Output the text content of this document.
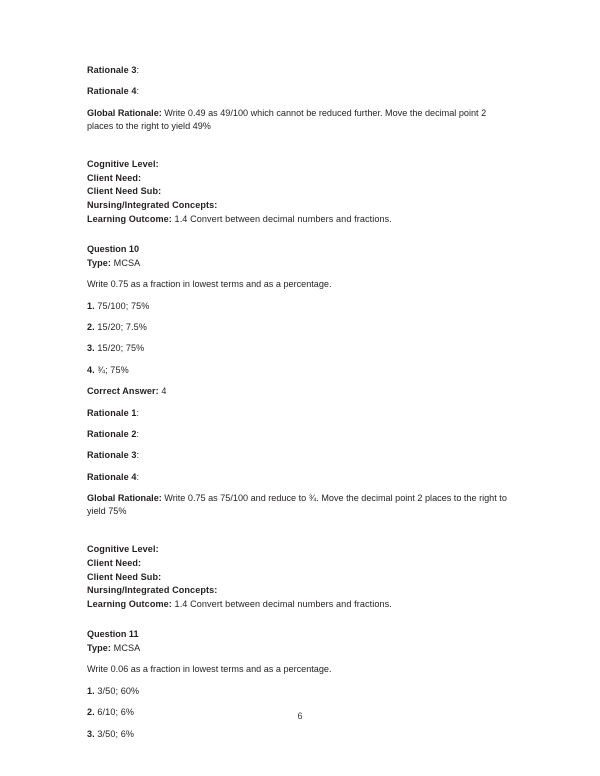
Rationale 3:

Rationale 4:

Global Rationale: Write 0.49 as 49/100 which cannot be reduced further. Move the decimal point 2 places to the right to yield 49%

Cognitive Level:

Client Need:

Client Need Sub:

Nursing/Integrated Concepts:

Learning Outcome: 1.4 Convert between decimal numbers and fractions.

Question 10

Type: MCSA

Write 0.75 as a fraction in lowest terms and as a percentage.

1. 75/100; 75%

2. 15/20; 7.5%

3. 15/20; 75%

4. ¾; 75%

Correct Answer: 4

Rationale 1:

Rationale 2:

Rationale 3:

Rationale 4:

Global Rationale: Write 0.75 as 75/100 and reduce to ¾. Move the decimal point 2 places to the right to yield 75%

Cognitive Level:

Client Need:

Client Need Sub:

Nursing/Integrated Concepts:

Learning Outcome: 1.4 Convert between decimal numbers and fractions.

Question 11

Type: MCSA

Write 0.06 as a fraction in lowest terms and as a percentage.

1. 3/50; 60%

2. 6/10; 6%

3. 3/50; 6%

6
